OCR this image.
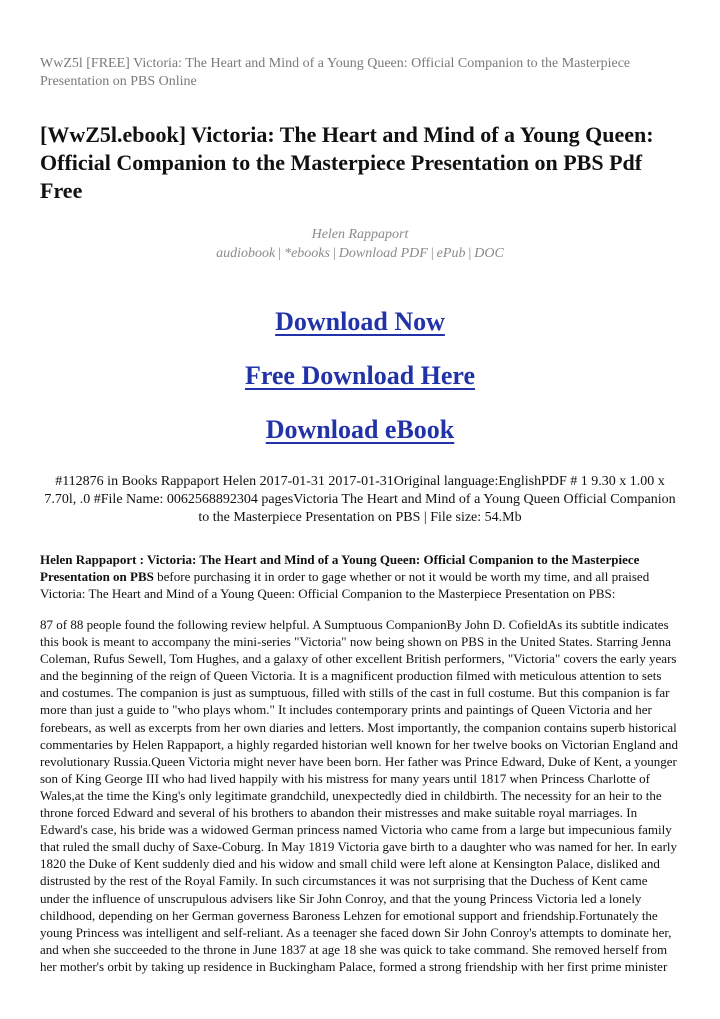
WwZ5l [FREE] Victoria: The Heart and Mind of a Young Queen: Official Companion to the Masterpiece Presentation on PBS Online
[WwZ5l.ebook] Victoria: The Heart and Mind of a Young Queen: Official Companion to the Masterpiece Presentation on PBS Pdf Free
Helen Rappaport
audiobook | *ebooks | Download PDF | ePub | DOC
Download Now
Free Download Here
Download eBook
#112876 in Books Rappaport Helen 2017-01-31 2017-01-31Original language:EnglishPDF # 1 9.30 x 1.00 x 7.70l, .0 #File Name: 0062568892304 pagesVictoria The Heart and Mind of a Young Queen Official Companion to the Masterpiece Presentation on PBS | File size: 54.Mb
Helen Rappaport : Victoria: The Heart and Mind of a Young Queen: Official Companion to the Masterpiece Presentation on PBS before purchasing it in order to gage whether or not it would be worth my time, and all praised Victoria: The Heart and Mind of a Young Queen: Official Companion to the Masterpiece Presentation on PBS:
87 of 88 people found the following review helpful. A Sumptuous CompanionBy John D. CofieldAs its subtitle indicates this book is meant to accompany the mini-series "Victoria" now being shown on PBS in the United States. Starring Jenna Coleman, Rufus Sewell, Tom Hughes, and a galaxy of other excellent British performers, "Victoria" covers the early years and the beginning of the reign of Queen Victoria. It is a magnificent production filmed with meticulous attention to sets and costumes. The companion is just as sumptuous, filled with stills of the cast in full costume. But this companion is far more than just a guide to "who plays whom." It includes contemporary prints and paintings of Queen Victoria and her forebears, as well as excerpts from her own diaries and letters. Most importantly, the companion contains superb historical commentaries by Helen Rappaport, a highly regarded historian well known for her twelve books on Victorian England and revolutionary Russia.Queen Victoria might never have been born. Her father was Prince Edward, Duke of Kent, a younger son of King George III who had lived happily with his mistress for many years until 1817 when Princess Charlotte of Wales,at the time the King's only legitimate grandchild, unexpectedly died in childbirth. The necessity for an heir to the throne forced Edward and several of his brothers to abandon their mistresses and make suitable royal marriages. In Edward's case, his bride was a widowed German princess named Victoria who came from a large but impecunious family that ruled the small duchy of Saxe-Coburg. In May 1819 Victoria gave birth to a daughter who was named for her. In early 1820 the Duke of Kent suddenly died and his widow and small child were left alone at Kensington Palace, disliked and distrusted by the rest of the Royal Family. In such circumstances it was not surprising that the Duchess of Kent came under the influence of unscrupulous advisers like Sir John Conroy, and that the young Princess Victoria led a lonely childhood, depending on her German governess Baroness Lehzen for emotional support and friendship.Fortunately the young Princess was intelligent and self-reliant. As a teenager she faced down Sir John Conroy's attempts to dominate her, and when she succeeded to the throne in June 1837 at age 18 she was quick to take command. She removed herself from her mother's orbit by taking up residence in Buckingham Palace, formed a strong friendship with her first prime minister
